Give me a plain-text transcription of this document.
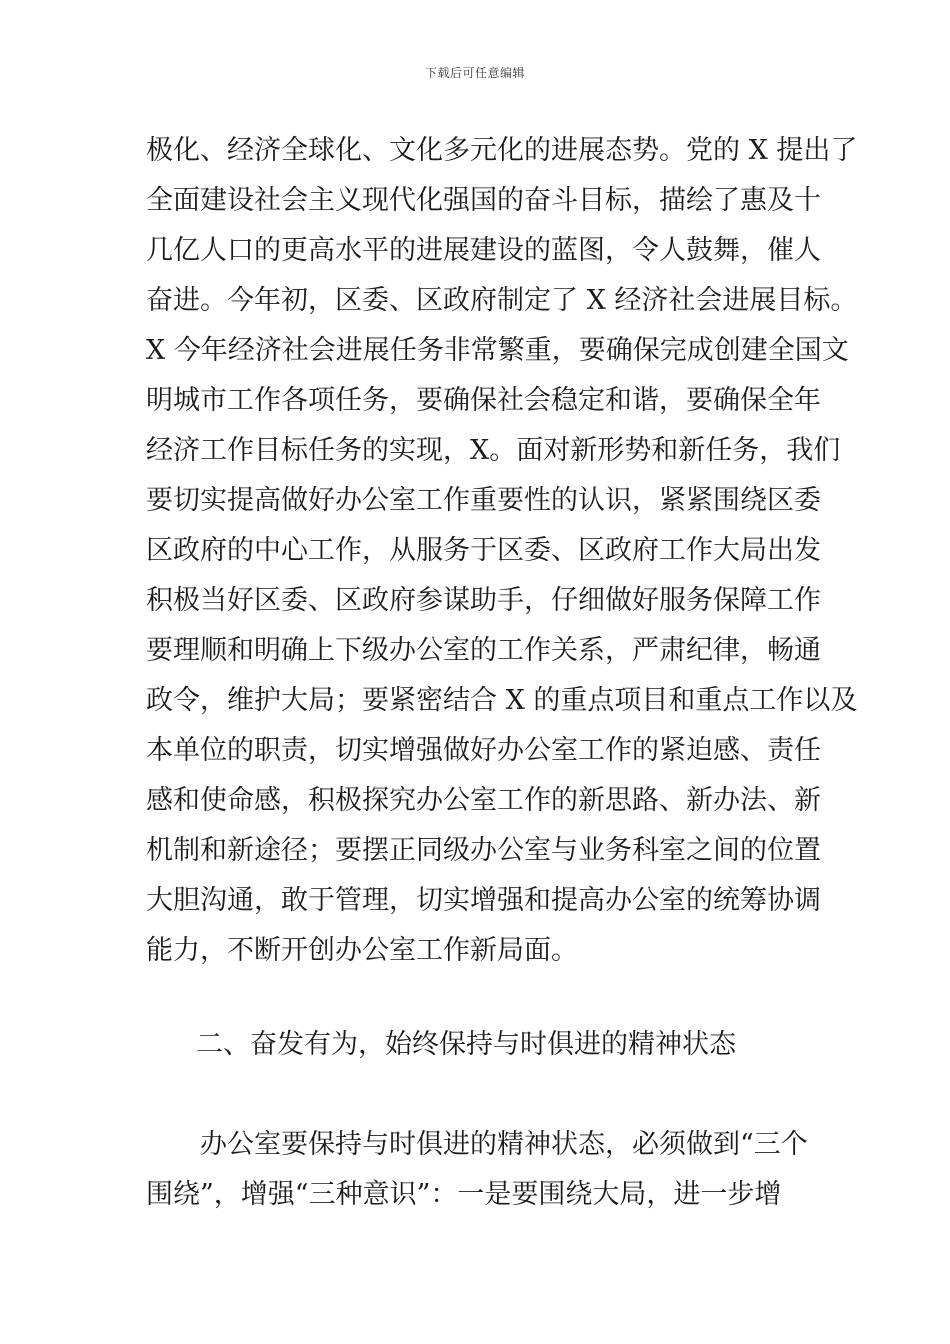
下载后可任意编辑
极化、经济全球化、文化多元化的进展态势。党的 X 提出了
全面建设社会主义现代化强国的奋斗目标，描绘了惠及十
几亿人口的更高水平的进展建设的蓝图，令人鼓舞，催人
奋进。今年初，区委、区政府制定了 X 经济社会进展目标。
X 今年经济社会进展任务非常繁重，要确保完成创建全国文
明城市工作各项任务，要确保社会稳定和谐，要确保全年
经济工作目标任务的实现，X。面对新形势和新任务，我们
要切实提高做好办公室工作重要性的认识，紧紧围绕区委
区政府的中心工作，从服务于区委、区政府工作大局出发
积极当好区委、区政府参谋助手，仔细做好服务保障工作
要理顺和明确上下级办公室的工作关系，严肃纪律，畅通
政令，维护大局；要紧密结合 X 的重点项目和重点工作以及
本单位的职责，切实增强做好办公室工作的紧迫感、责任
感和使命感，积极探究办公室工作的新思路、新办法、新
机制和新途径；要摆正同级办公室与业务科室之间的位置
大胆沟通，敢于管理，切实增强和提高办公室的统筹协调
能力，不断开创办公室工作新局面。
二、奋发有为，始终保持与时俱进的精神状态
办公室要保持与时俱进的精神状态，必须做到“三个
围绕”，增强“三种意识”：一是要围绕大局，进一步增
